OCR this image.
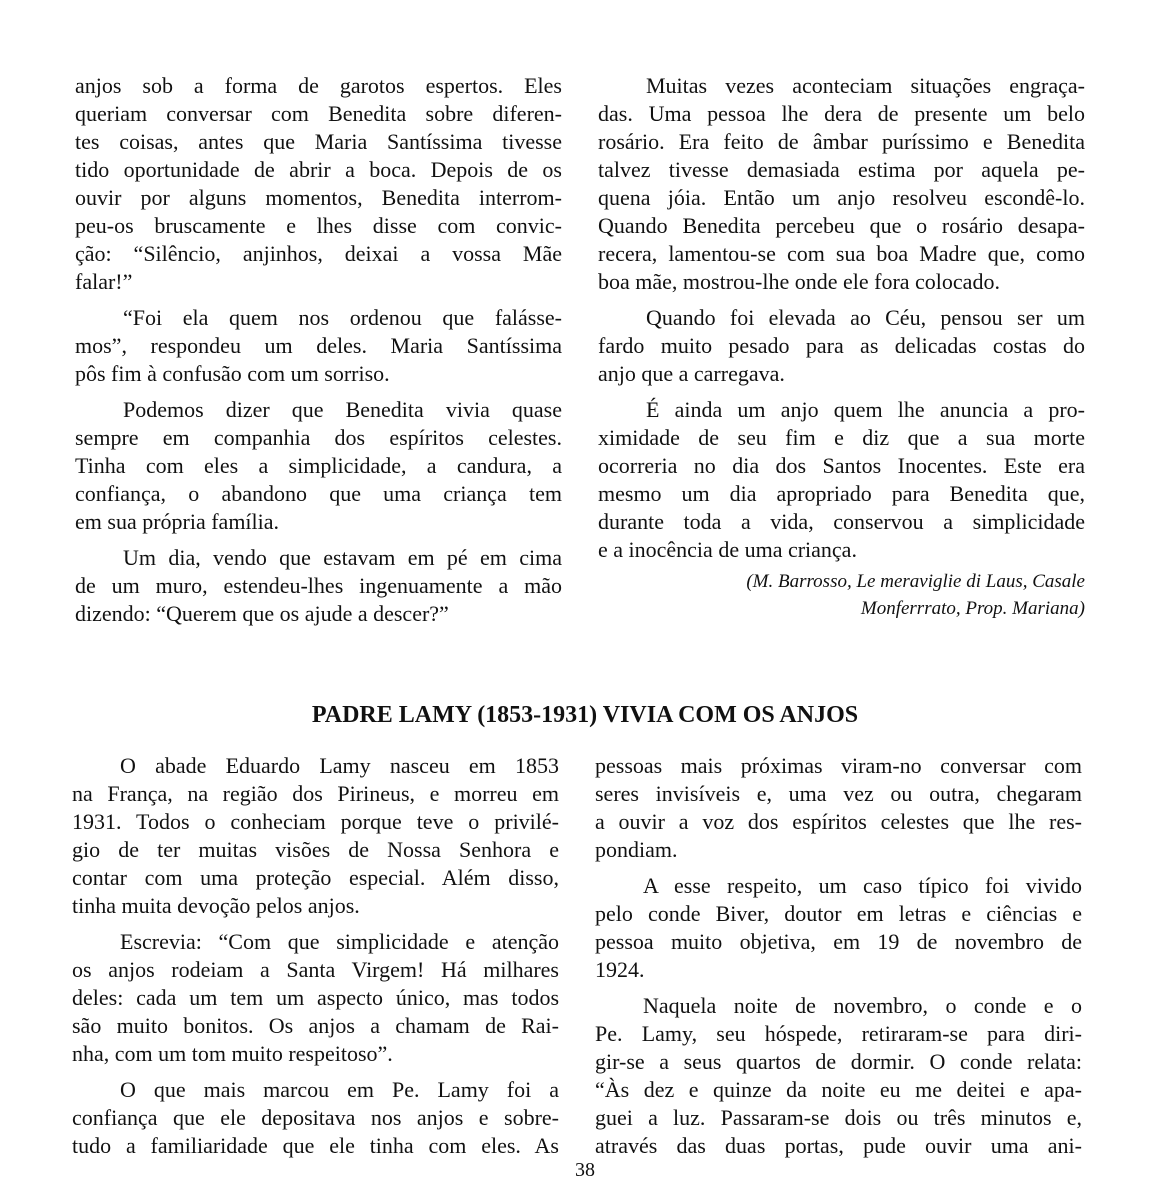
anjos sob a forma de garotos espertos. Eles
queriam conversar com Benedita sobre diferen-
tes coisas, antes que Maria Santíssima tivesse
tido oportunidade de abrir a boca. Depois de os
ouvir por alguns momentos, Benedita interrom-
peu-os bruscamente e lhes disse com convic-
ção: “Silêncio, anjinhos, deixai a vossa Mãe
falar!”
“Foi ela quem nos ordenou que falásse-
mos”, respondeu um deles. Maria Santíssima
pôs fim à confusão com um sorriso.
Podemos dizer que Benedita vivia quase
sempre em companhia dos espíritos celestes.
Tinha com eles a simplicidade, a candura, a
confiança, o abandono que uma criança tem
em sua própria família.
Um dia, vendo que estavam em pé em cima
de um muro, estendeu-lhes ingenuamente a mão
dizendo: “Querem que os ajude a descer?”
Muitas vezes aconteciam situações engraça-
das. Uma pessoa lhe dera de presente um belo
rosário. Era feito de âmbar puríssimo e Benedita
talvez tivesse demasiada estima por aquela pe-
quena jóia. Então um anjo resolveu escondê-lo.
Quando Benedita percebeu que o rosário desapa-
recera, lamentou-se com sua boa Madre que, como
boa mãe, mostrou-lhe onde ele fora colocado.
Quando foi elevada ao Céu, pensou ser um
fardo muito pesado para as delicadas costas do
anjo que a carregava.
É ainda um anjo quem lhe anuncia a pro-
ximidade de seu fim e diz que a sua morte
ocorreria no dia dos Santos Inocentes. Este era
mesmo um dia apropriado para Benedita que,
durante toda a vida, conservou a simplicidade
e a inocência de uma criança.
(M. Barrosso, Le meraviglie di Laus, Casale
Monferrrato, Prop. Mariana)
PADRE LAMY (1853-1931) VIVIA COM OS ANJOS
O abade Eduardo Lamy nasceu em 1853
na França, na região dos Pirineus, e morreu em
1931. Todos o conheciam porque teve o privilé-
gio de ter muitas visões de Nossa Senhora e
contar com uma proteção especial. Além disso,
tinha muita devoção pelos anjos.
Escrevia: “Com que simplicidade e atenção
os anjos rodeiam a Santa Virgem! Há milhares
deles: cada um tem um aspecto único, mas todos
são muito bonitos. Os anjos a chamam de Rai-
nha, com um tom muito respeitoso”.
O que mais marcou em Pe. Lamy foi a
confiança que ele depositava nos anjos e sobre-
tudo a familiaridade que ele tinha com eles. As
pessoas mais próximas viram-no conversar com
seres invisíveis e, uma vez ou outra, chegaram
a ouvir a voz dos espíritos celestes que lhe res-
pondiam.
A esse respeito, um caso típico foi vivido
pelo conde Biver, doutor em letras e ciências e
pessoa muito objetiva, em 19 de novembro de
1924.
Naquela noite de novembro, o conde e o
Pe. Lamy, seu hóspede, retiraram-se para diri-
gir-se a seus quartos de dormir. O conde relata:
“Às dez e quinze da noite eu me deitei e apa-
guei a luz. Passaram-se dois ou três minutos e,
através das duas portas, pude ouvir uma ani-
38
